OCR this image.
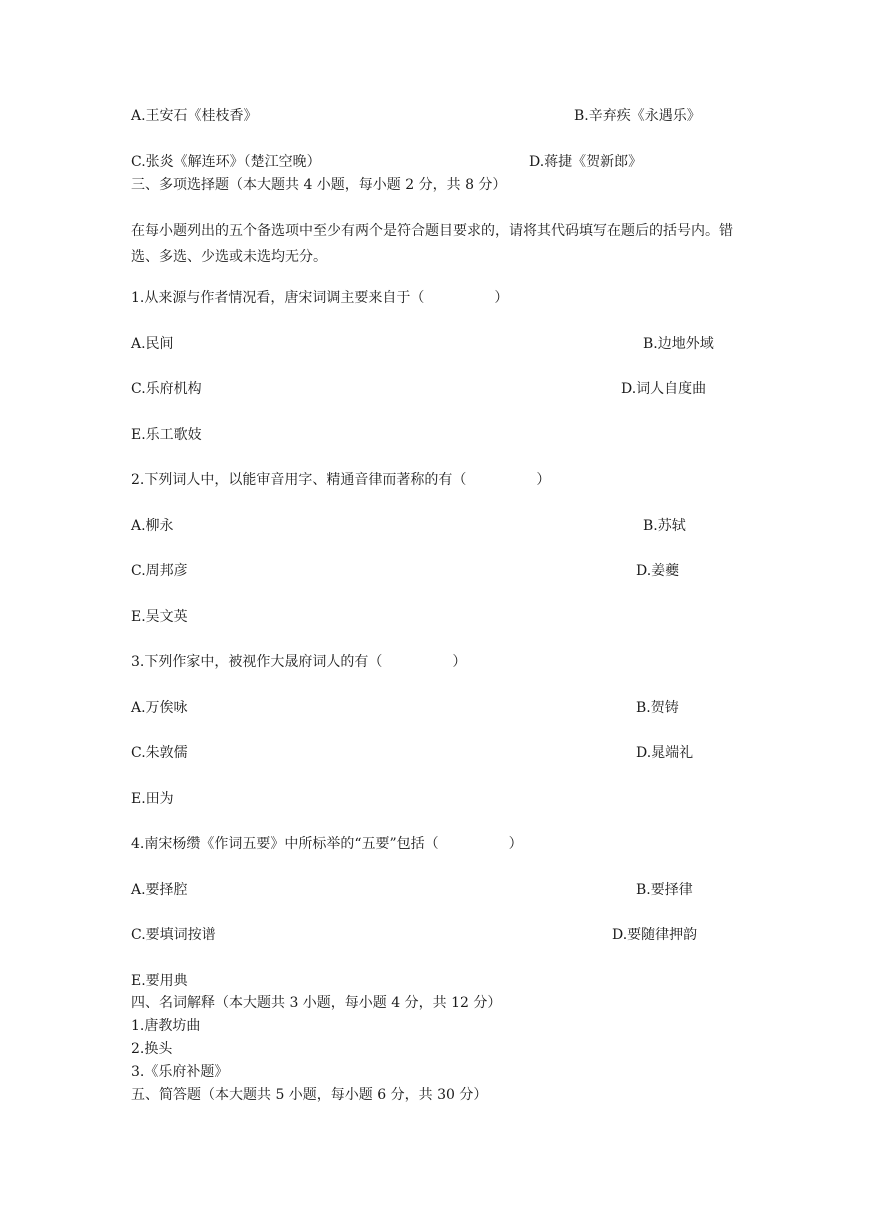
A.王安石《桂枝香》	B.辛弃疾《永遇乐》
C.张炎《解连环》（楚江空晚）	D.蒋捷《贺新郎》
三、多项选择题（本大题共 4 小题，每小题 2 分，共 8 分）
在每小题列出的五个备选项中至少有两个是符合题目要求的，请将其代码填写在题后的括号内。错选、多选、少选或未选均无分。
1.从来源与作者情况看，唐宋词调主要来自于（　　　　　）
A.民间	B.边地外域
C.乐府机构	D.词人自度曲
E.乐工歌妓
2.下列词人中，以能审音用字、精通音律而著称的有（　　　　　）
A.柳永	B.苏轼
C.周邦彦	D.姜夔
E.吴文英
3.下列作家中，被视作大晟府词人的有（　　　　　）
A.万俟咏	B.贺铸
C.朱敦儒	D.晁端礼
E.田为
4.南宋杨缵《作词五要》中所标举的“五要”包括（　　　　　）
A.要择腔	B.要择律
C.要填词按谱	D.要随律押韵
E.要用典
四、名词解释（本大题共 3 小题，每小题 4 分，共 12 分）
1.唐教坊曲
2.换头
3.《乐府补题》
五、简答题（本大题共 5 小题，每小题 6 分，共 30 分）
